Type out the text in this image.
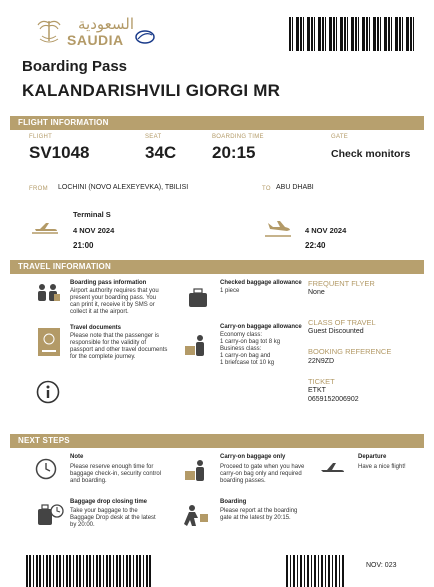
السعودية
SAUDIA
Boarding Pass
KALANDARISHVILI GIORGI MR
FLIGHT INFORMATION
FLIGHT
SV1048
SEAT
34C
BOARDING TIME
20:15
GATE
Check monitors
FROM LOCHINI (NOVO ALEXEYEVKA), TBILISI	TO ABU DHABI
Terminal S
4 NOV 2024
21:00
4 NOV 2024
22:40
TRAVEL INFORMATION
Boarding pass information
Airport authority requires that you present your boarding pass. You can print it, receive it by SMS or collect it at the airport.
Travel documents
Please note that the passenger is responsible for the validity of passport and other travel documents for the complete journey.
Checked baggage allowance
1 piece
Carry-on baggage allowance
Economy class:
1 carry-on bag tot 8 kg
Business class:
1 carry-on bag and
1 briefcase tot 10 kg
FREQUENT FLYER
None
CLASS OF TRAVEL
Guest Discounted
BOOKING REFERENCE
22N9ZD
TICKET
ETKT
0659152006902
NEXT STEPS
Note
Please reserve enough time for baggage check-in, security control and boarding.
Carry-on baggage only
Proceed to gate when you have carry-on bag only and required boarding passes.
Departure
Have a nice flight!
Baggage drop closing time
Take your baggage to the Baggage Drop desk at the latest by 20:00.
Boarding
Please report at the boarding gate at the latest by 20:15.
NOV: 023
